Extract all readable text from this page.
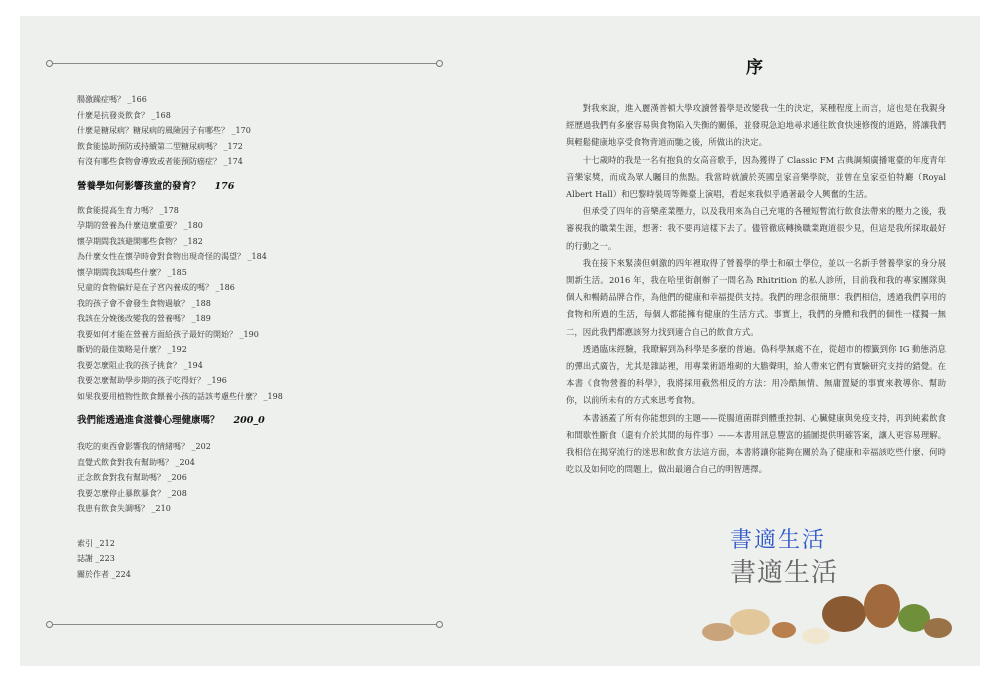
腸激躁症嗎？ _166
什麼是抗發炎飲食？ _168
什麼是糖尿病？糖尿病的風險因子有哪些？ _170
飲食能協助預防或持續第二型糖尿病嗎？ _172
有沒有哪些食物會導致或者能預防癌症？ _174
營養學如何影響孩童的發育？ 176
飲食能提高生育力嗎？ _178
孕期的營養為什麼這麼重要？ _180
懷孕期間我該避開哪些食物？ _182
為什麼女性在懷孕時會對食物出現奇怪的渴望？ _184
懷孕期間我該喝些什麼？ _185
兒童的食物偏好是在子宮內養成的嗎？ _186
我的孩子會不會發生食物過敏？ _188
我該在分娩後改變我的營養嗎？ _189
我要如何才能在營養方面給孩子最好的開始？ _190
斷奶的最佳策略是什麼？ _192
我要怎麼阻止我的孩子挑食？ _194
我要怎麼幫助學步期的孩子吃得好？ _196
如果我要用植物性飲食餵養小孩的話該考慮些什麼？ _198
我們能透過進食滋養心理健康嗎？ 200_0
我吃的東西會影響我的情緒嗎？ _202
直覺式飲食對我有幫助嗎？ _204
正念飲食對我有幫助嗎？ _206
我要怎麼停止暴飲暴食？ _208
我患有飲食失調嗎？ _210
索引 _212
誌謝 _223
關於作者 _224
序

對我來說，進入麗漢普頓大學攻讀營養學是改變我一生的決定，某種程度上而言，這也是在我親身經歷過我們有多麼容易與食物陷入失衡的關係，並發現急迫地尋求通往飲食快速修復的道路，將讓我們與輕鬆健康地享受食物背道而馳之後，所做出的決定。

十七歲時的我是一名有抱負的女高音歌手，因為獲得了 Classic FM 古典調頻廣播電臺的年度青年音樂家獎，而成為眾人矚目的焦點。我當時就讀於英國皇家音樂學院，並曾在皇家亞伯特廳（Royal Albert Hall）和巴黎時裝周等舞臺上演唱，看起來我似乎過著最令人興奮的生活。

但承受了四年的音樂產業壓力，以及我用來為自己充電的各種短暫流行飲食法帶來的壓力之後，我審視我的職業生涯，想著：我不要再這樣下去了。儘管徹底轉換職業跑道很少見，但這是我所採取最好的行動之一。

我在接下來緊湊但刺激的四年裡取得了營養學的學士和碩士學位，並以一名新手營養學家的身分展開新生活。2016 年，我在哈里街創辦了一間名為 Rhitrition 的私人診所，目前我和我的專家團隊與個人和暢銷品牌合作，為他們的健康和幸福提供支持。我們的理念很簡單：我們相信，透過我們享用的食物和所過的生活，每個人都能擁有健康的生活方式。事實上，我們的身體和我們的個性一樣獨一無二，因此我們都應該努力找到適合自己的飲食方式。

透過臨床經驗，我瞭解到為科學是多麼的普遍。偽科學無處不在，從超市的標籤到你 IG 動態消息的彈出式廣告，尤其是雜誌裡，用專業術語堆砌的大膽聲明，給人帶來它們有實驗研究支持的錯覺。在本書《食物營養的科學》，我將採用截然相反的方法：用冷酷無情、無庸置疑的事實來教導你、幫助你，以前所未有的方式來思考食物。

本書涵蓋了所有你能想到的主題——從腸道菌群到體重控制、心臟健康與免疫支持，再到純素飲食和間歇性斷食（還有介於其間的每件事）——本書用訊息豐富的插圖提供明確答案，讓人更容易理解。我相信在揭穿流行的迷思和飲食方法這方面，本書將讓你能夠在關於為了健康和幸福該吃些什麼、何時吃以及如何吃的問題上，做出最適合自己的明智選擇。

書適生活
書適生活
